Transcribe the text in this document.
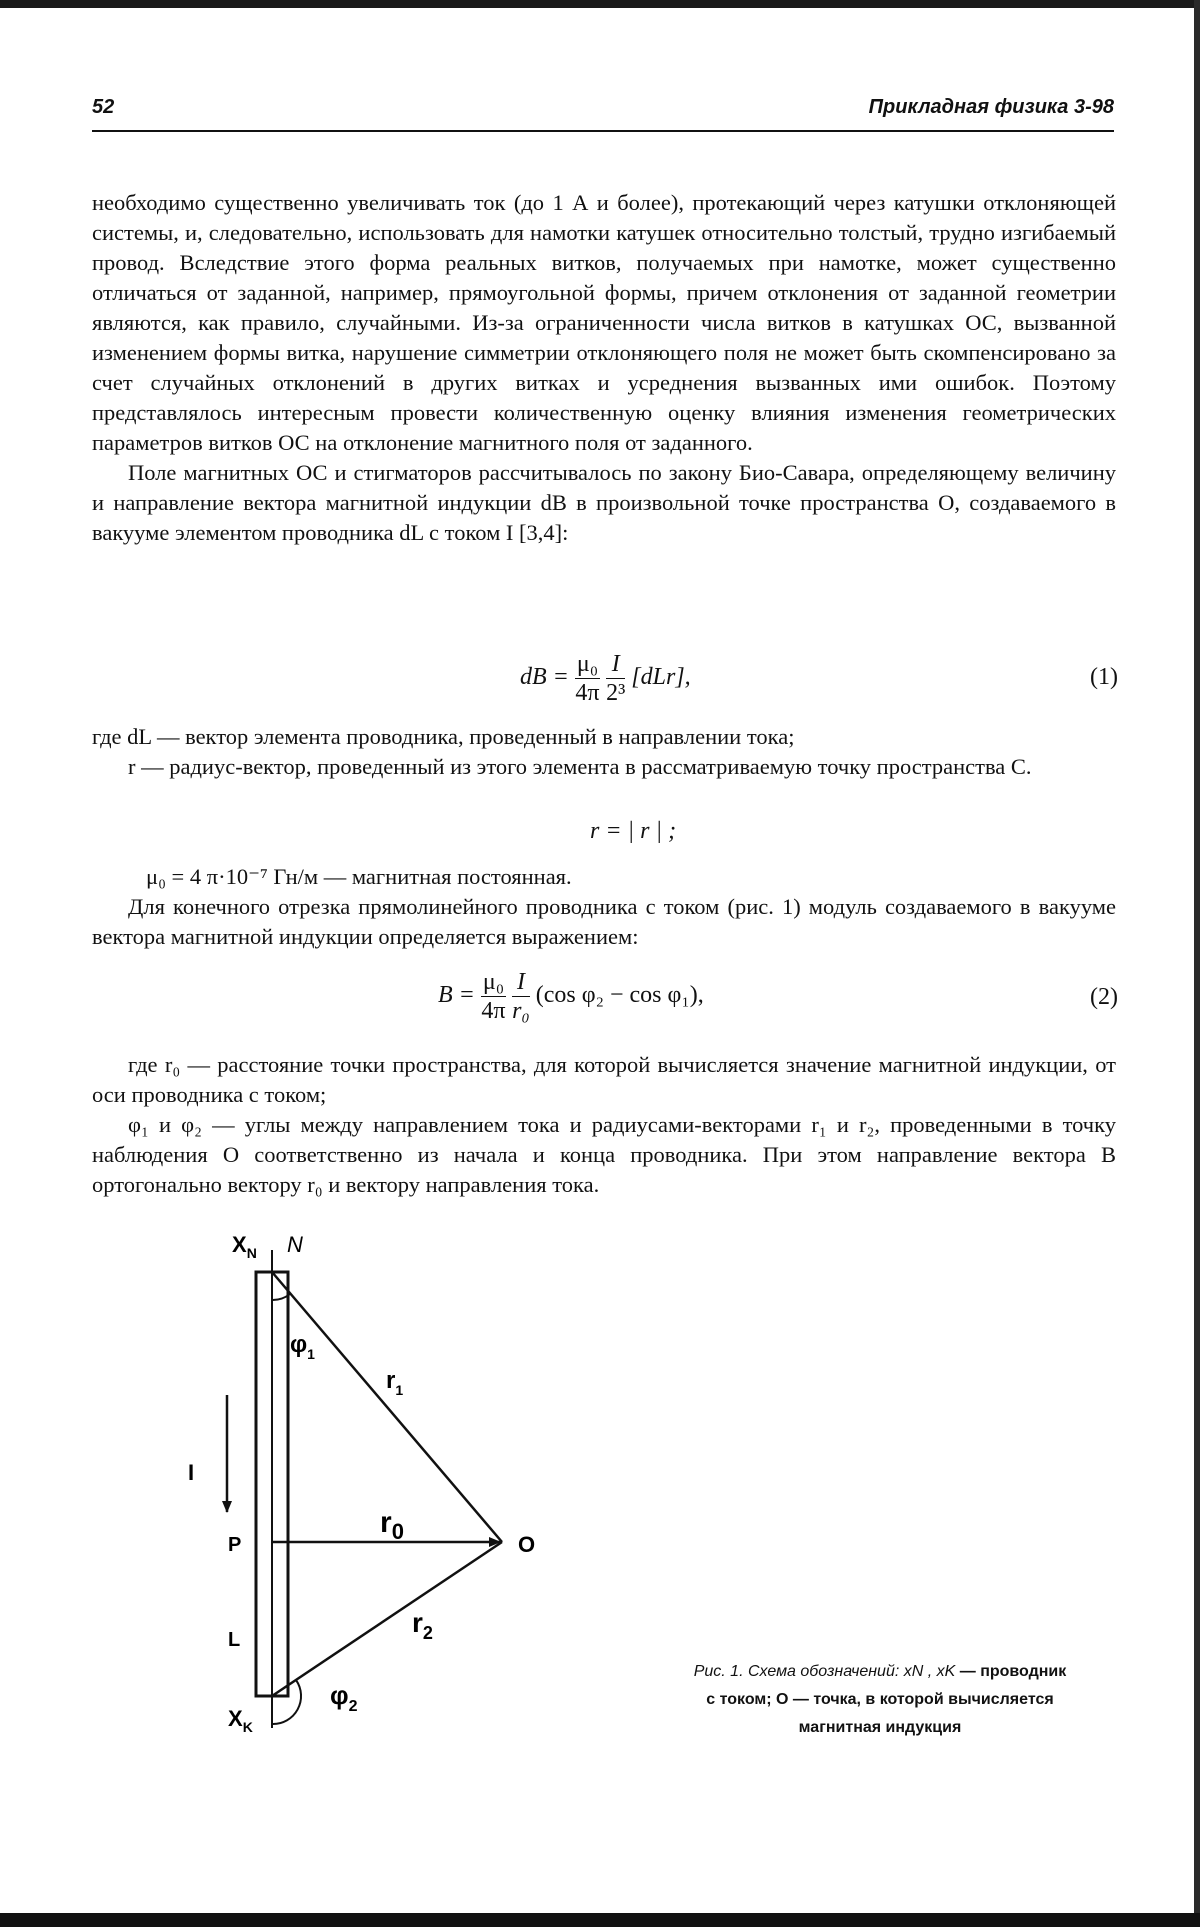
52	Прикладная физика 3-98

необходимо существенно увеличивать ток (до 1 А и более), протекающий через катушки отклоняющей системы, и, следовательно, использовать для намотки катушек относительно толстый, трудно изгибаемый провод. Вследствие этого форма реальных витков, получаемых при намотке, может существенно отличаться от заданной, например, прямоугольной формы, причем отклонения от заданной геометрии являются, как правило, случайными. Из-за ограниченности числа витков в катушках ОС, вызванной изменением формы витка, нарушение симметрии отклоняющего поля не может быть скомпенсировано за счет случайных отклонений в других витках и усреднения вызванных ими ошибок. Поэтому представлялось интересным провести количественную оценку влияния изменения геометрических параметров витков ОС на отклонение магнитного поля от заданного.

Поле магнитных ОС и стигматоров рассчитывалось по закону Био-Савара, определяющему величину и направление вектора магнитной индукции dB в произвольной точке пространства О, создаваемого в вакууме элементом проводника dL с током I [3,4]:

dB = $\frac{\text{μ₀}}{4\pi}$
$\frac{I}{\text{2³}} [dLr]$,	(1)

где dL — вектор элемента проводника, проведенный в направлении тока;

r — радиус-вектор, проведенный из этого элемента в рассматриваемую точку пространства С.

r = | r | ;

μ₀ = 4 π·10⁻⁷ Гн/м — магнитная постоянная.

Для конечного отрезка прямолинейного проводника с током (рис. 1) модуль создаваемого в вакууме вектора магнитной индукции определяется выражением:

$B = \frac{\text{μ₀}}{4\pi}$
$\frac{I}{\text{r₀}} (\cos$ φ₂ − cos φ₁),	(2)

где r₀ — расстояние точки пространства, для которой вычисляется значение магнитной индукции, от оси проводника с током;

φ₁ и φ₂ — углы между направлением тока и радиусами-векторами r₁ и r₂, проведенными в точку наблюдения О соответственно из начала и конца проводника. При этом направление вектора B ортогонально вектору r₀ и вектору направления тока.

$X_N$ N
$\varphi_1$
$r_1$
I
$r_0$
P	O
$r_2$
L
$X_K$
$\varphi_2$
Рис. 1. Схема обозначений: xN , xK — проводник
с током; О — точка, в которой вычисляется
магнитная индукция
